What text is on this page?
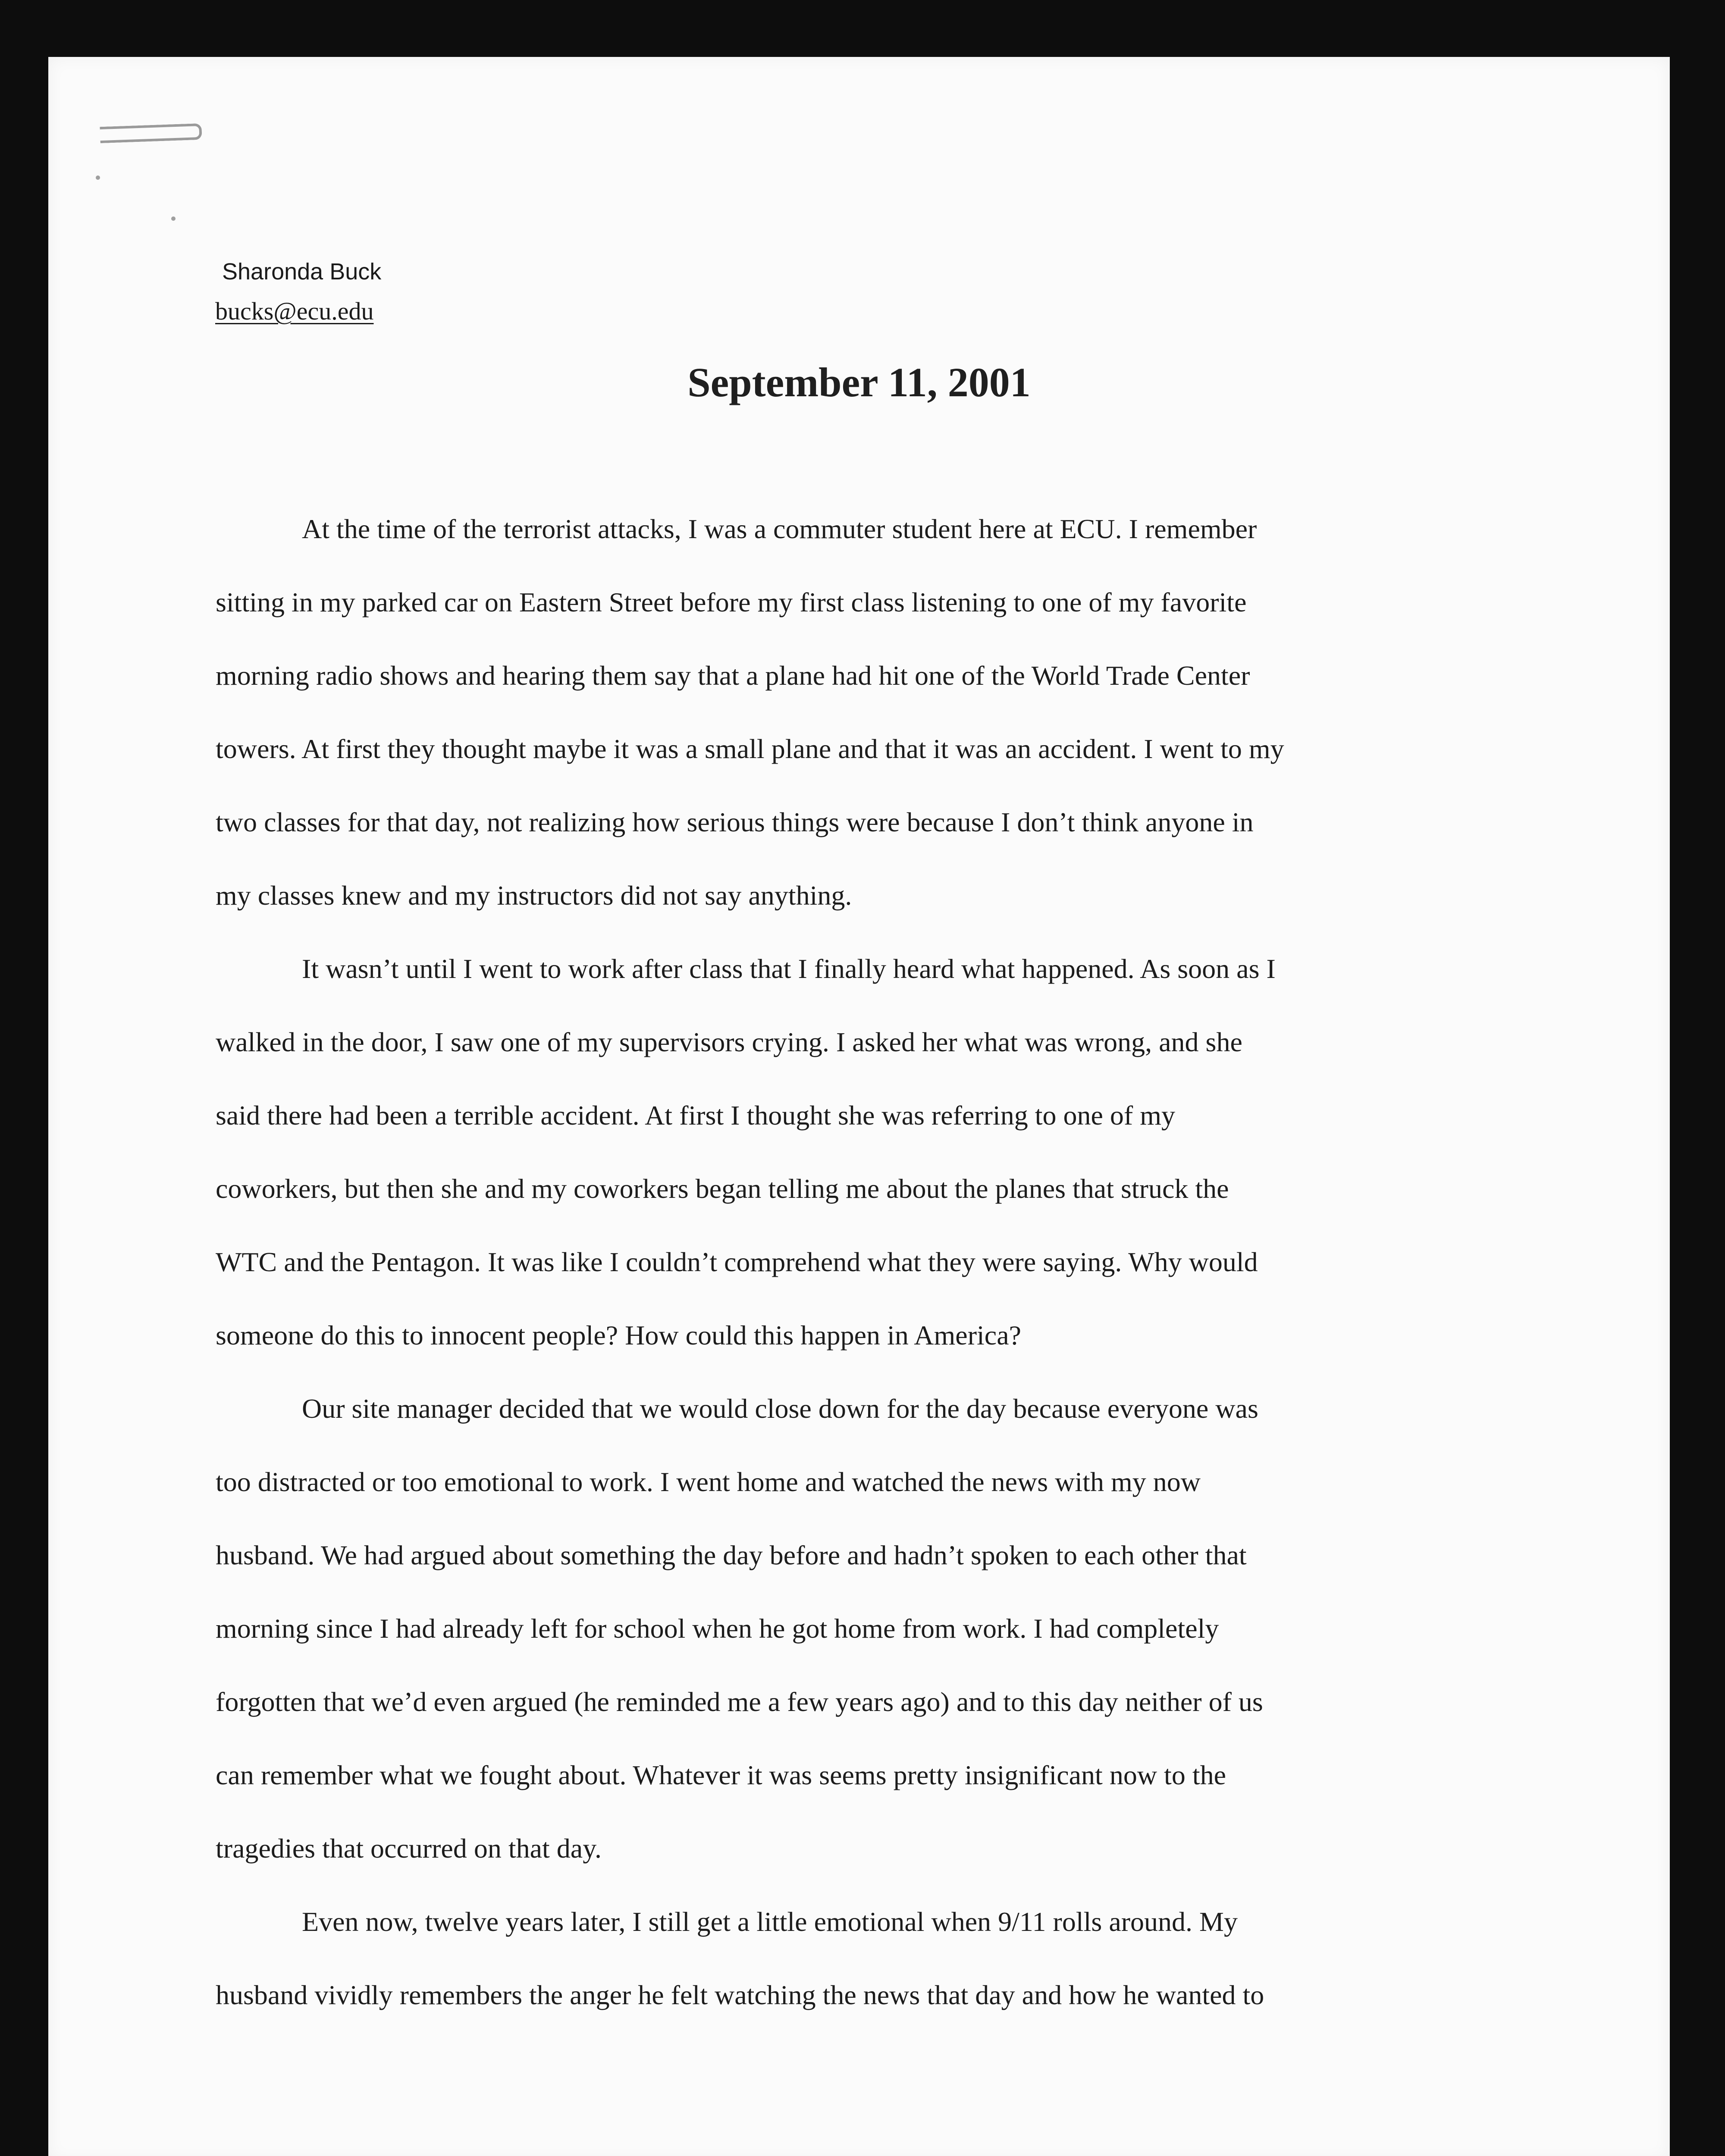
Sharonda Buck
bucks@ecu.edu
September 11, 2001

At the time of the terrorist attacks, I was a commuter student here at ECU. I remember

sitting in my parked car on Eastern Street before my first class listening to one of my favorite

morning radio shows and hearing them say that a plane had hit one of the World Trade Center

towers. At first they thought maybe it was a small plane and that it was an accident. I went to my

two classes for that day, not realizing how serious things were because I don’t think anyone in

my classes knew and my instructors did not say anything.

It wasn’t until I went to work after class that I finally heard what happened. As soon as I

walked in the door, I saw one of my supervisors crying. I asked her what was wrong, and she

said there had been a terrible accident. At first I thought she was referring to one of my

coworkers, but then she and my coworkers began telling me about the planes that struck the

WTC and the Pentagon. It was like I couldn’t comprehend what they were saying. Why would

someone do this to innocent people? How could this happen in America?

Our site manager decided that we would close down for the day because everyone was

too distracted or too emotional to work. I went home and watched the news with my now

husband. We had argued about something the day before and hadn’t spoken to each other that

morning since I had already left for school when he got home from work. I had completely

forgotten that we’d even argued (he reminded me a few years ago) and to this day neither of us

can remember what we fought about. Whatever it was seems pretty insignificant now to the

tragedies that occurred on that day.

Even now, twelve years later, I still get a little emotional when 9/11 rolls around. My

husband vividly remembers the anger he felt watching the news that day and how he wanted to
